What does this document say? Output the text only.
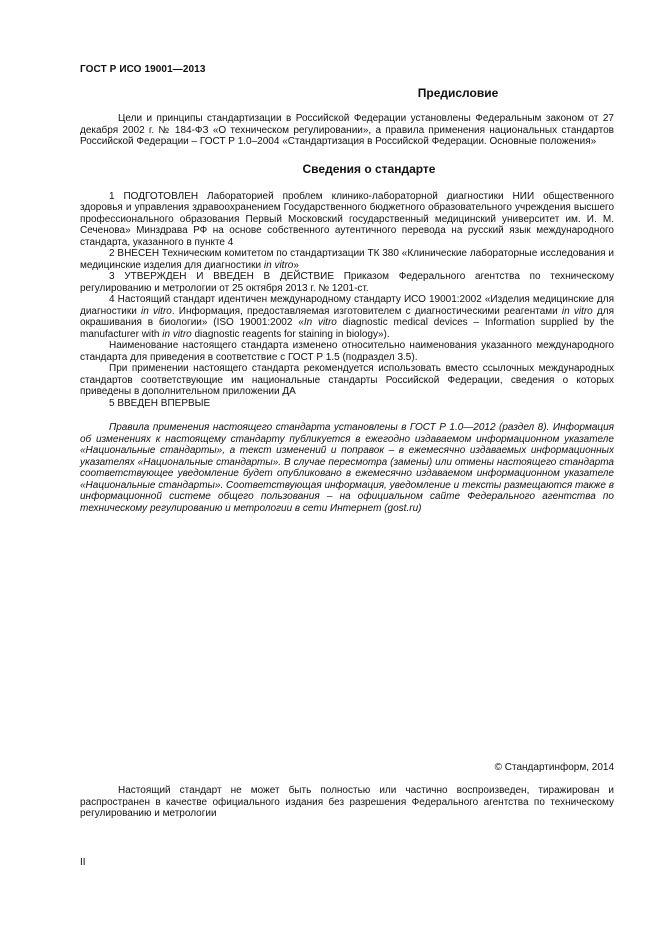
ГОСТ Р ИСО 19001—2013
Предисловие

Цели и принципы стандартизации в Российской Федерации установлены Федеральным законом от 27 декабря 2002 г. № 184-ФЗ «О техническом регулировании», а правила применения национальных стандартов Российской Федерации – ГОСТ Р 1.0–2004 «Стандартизация в Российской Федерации. Основные положения»

Сведения о стандарте

1 ПОДГОТОВЛЕН Лабораторией проблем клинико-лабораторной диагностики НИИ общественного здоровья и управления здравоохранением Государственного бюджетного образовательного учреждения высшего профессионального образования Первый Московский государственный медицинский университет им. И. М. Сеченова» Минздрава РФ на основе собственного аутентичного перевода на русский язык международного стандарта, указанного в пункте 4

2 ВНЕСЕН Техническим комитетом по стандартизации ТК 380 «Клинические лабораторные исследования и медицинские изделия для диагностики in vitro»

3 УТВЕРЖДЕН И ВВЕДЕН В ДЕЙСТВИЕ Приказом Федерального агентства по техническому регулированию и метрологии от 25 октября 2013 г. № 1201-ст.

4 Настоящий стандарт идентичен международному стандарту ИСО 19001:2002 «Изделия медицинские для диагностики in vitro. Информация, предоставляемая изготовителем с диагностическими реагентами in vitro для окрашивания в биологии» (ISO 19001:2002 «In vitro diagnostic medical devices – Information supplied by the manufacturer with in vitro diagnostic reagents for staining in biology»).

Наименование настоящего стандарта изменено относительно наименования указанного международного стандарта для приведения в соответствие с ГОСТ Р 1.5 (подраздел 3.5).

При применении настоящего стандарта рекомендуется использовать вместо ссылочных международных стандартов соответствующие им национальные стандарты Российской Федерации, сведения о которых приведены в дополнительном приложении ДА

5 ВВЕДЕН ВПЕРВЫЕ

Правила применения настоящего стандарта установлены в ГОСТ Р 1.0—2012 (раздел 8). Информация об изменениях к настоящему стандарту публикуется в ежегодно издаваемом информационном указателе «Национальные стандарты», а текст изменений и поправок – в ежемесячно издаваемых информационных указателях «Национальные стандарты». В случае пересмотра (замены) или отмены настоящего стандарта соответствующее уведомление будет опубликовано в ежемесячно издаваемом информационном указателе «Национальные стандарты». Соответствующая информация, уведомление и тексты размещаются также в информационной системе общего пользования – на официальном сайте Федерального агентства по техническому регулированию и метрологии в сети Интернет (gost.ru)

© Стандартинформ, 2014

Настоящий стандарт не может быть полностью или частично воспроизведен, тиражирован и распространен в качестве официального издания без разрешения Федерального агентства по техническому регулированию и метрологии

II
